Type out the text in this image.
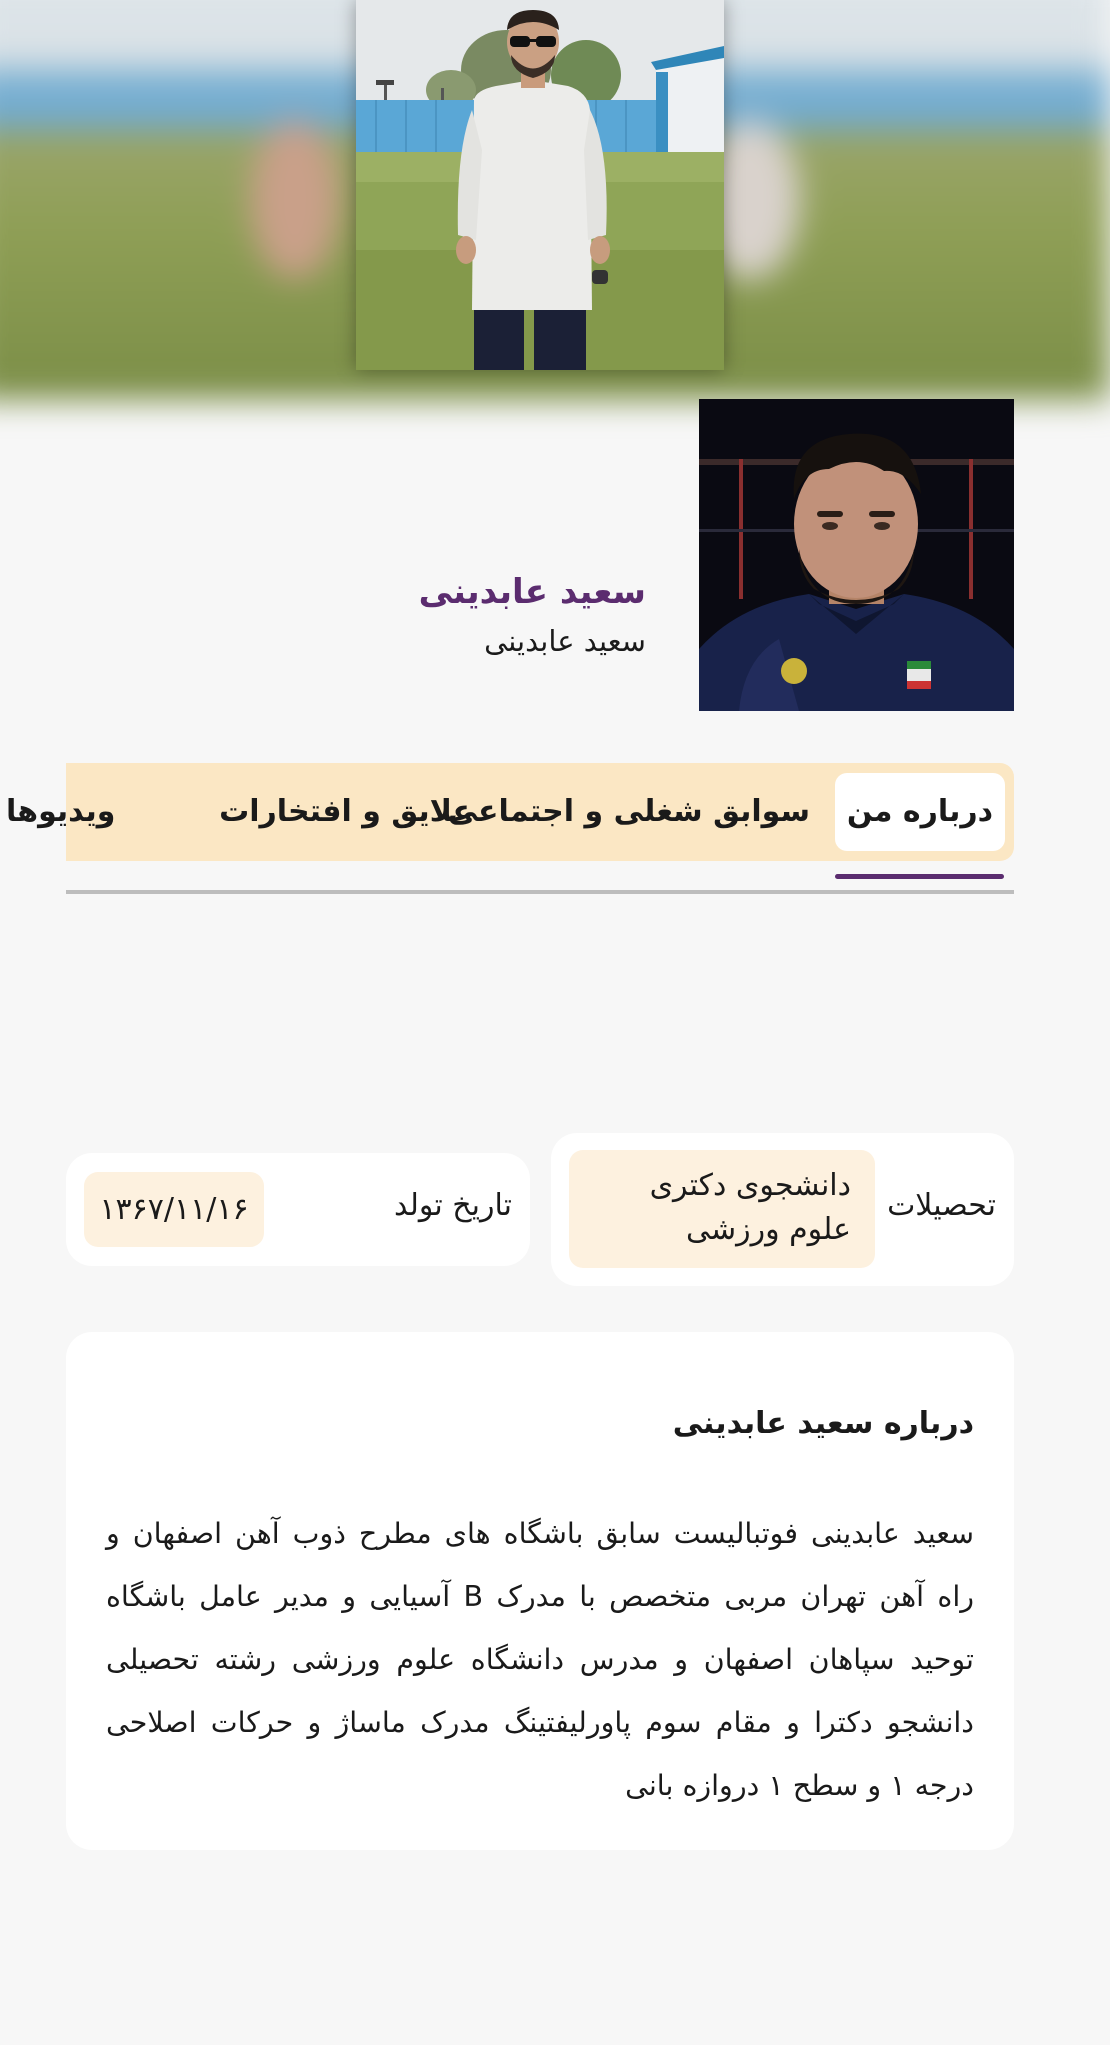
سعید عابدینی
سعید عابدینی
درباره من
سوابق شغلی و اجتماعی
علایق و افتخارات
ویدیوها
تحصیلات
دانشجوی دکتری
علوم ورزشی
تاریخ تولد
۱۳۶۷/۱۱/۱۶
درباره سعید عابدینی
سعید عابدینی فوتبالیست سابق باشگاه های مطرح ذوب آهن اصفهان و راه آهن تهران مربی متخصص با مدرک B آسیایی و مدیر عامل باشگاه توحید سپاهان اصفهان و مدرس دانشگاه علوم ورزشی رشته تحصیلی دانشجو دکترا و مقام سوم پاورلیفتینگ مدرک ماساژ و حرکات اصلاحی درجه ۱ و سطح ۱ دروازه بانی
